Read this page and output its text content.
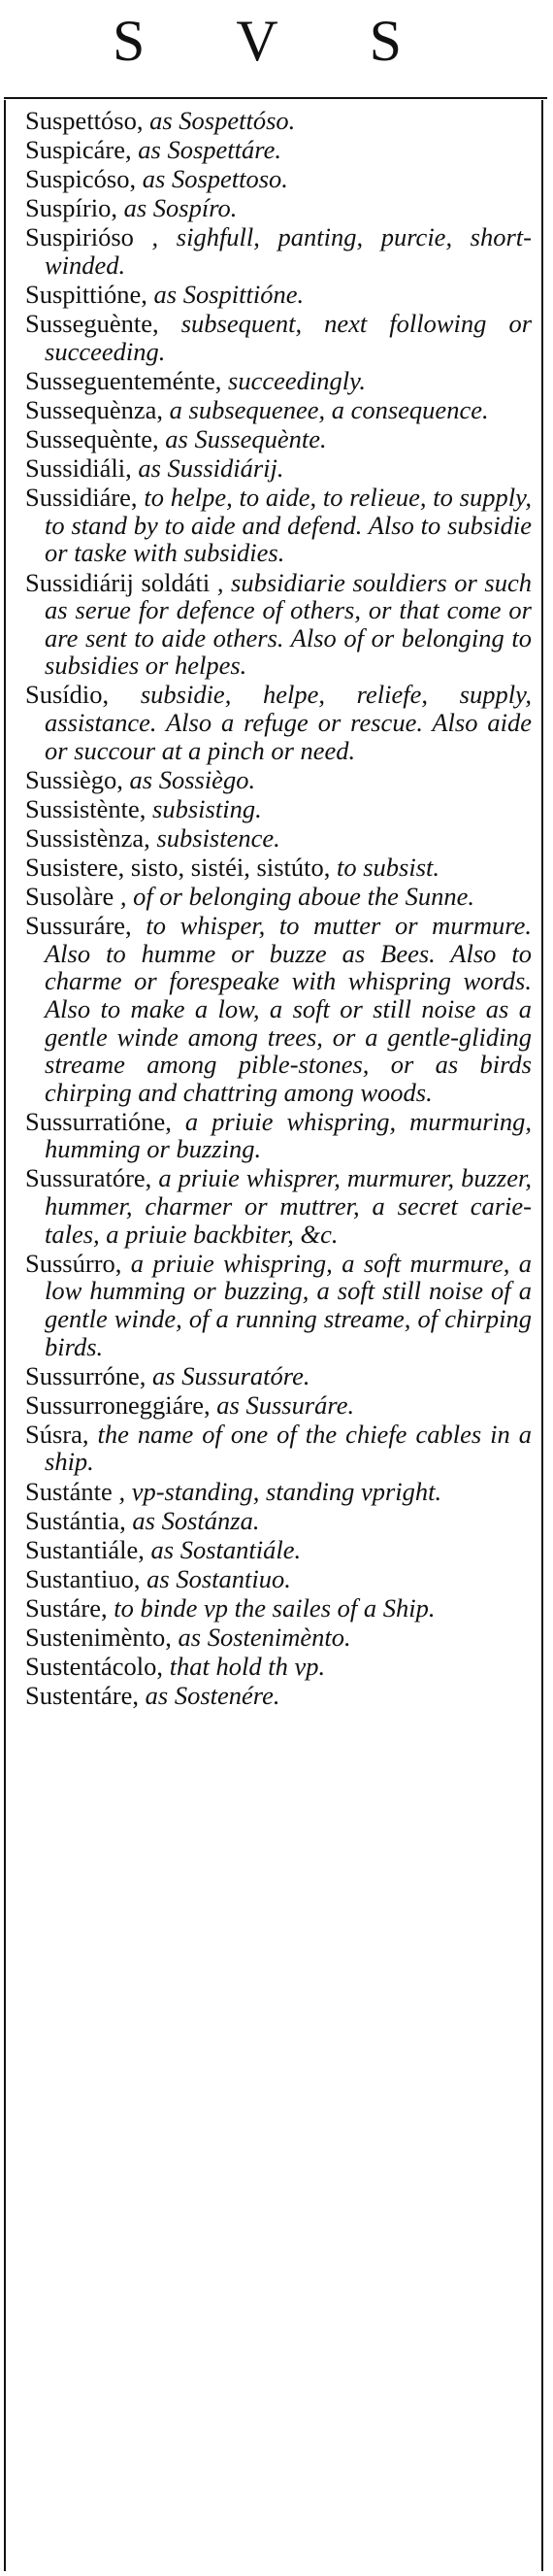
S V S
Suspettóso, as Sospettóso.
Suspicáre, as Sospettáre.
Suspicóso, as Sospettoso.
Suspírio, as Sospíro.
Suspirióso , sighfull, panting, purcie, short-winded.
Suspittióne, as Sospittióne.
Susseguènte, subsequent, next following or succeeding.
Susseguenteménte, succeedingly.
Sussequènza, a subsequenee, a consequence.
Sussequènte, as Sussequènte.
Sussidiáli, as Sussidiárij.
Sussidiáre, to helpe, to aide, to relieue, to supply, to stand by to aide and defend. Also to subsidie or taske with subsidies.
Sussidiárij soldáti , subsidiarie souldiers or such as serue for defence of others, or that come or are sent to aide others. Also of or belonging to subsidies or helpes.
Susídio, subsidie, helpe, reliefe, supply, assistance. Also a refuge or rescue. Also aide or succour at a pinch or need.
Sussiègo, as Sossiègo.
Sussistènte, subsisting.
Sussistènza, subsistence.
Susistere, sisto, sistéi, sistúto, to subsist.
Susolàre , of or belonging aboue the Sunne.
Sussuráre, to whisper, to mutter or murmure. Also to humme or buzze as Bees. Also to charme or forespeake with whispring words. Also to make a low, a soft or still noise as a gentle winde among trees, or a gentle-gliding streame among pible-stones, or as birds chirping and chattring among woods.
Sussurratióne, a priuie whispring, murmuring, humming or buzzing.
Sussuratóre, a priuie whisprer, murmurer, buzzer, hummer, charmer or muttrer, a secret carie-tales, a priuie backbiter, &c.
Sussúrro, a priuie whispring, a soft murmure, a low humming or buzzing, a soft still noise of a gentle winde, of a running streame, of chirping birds.
Sussurróne, as Sussuratóre.
Sussurroneggiáre, as Sussuráre.
Súsra, the name of one of the chiefe cables in a ship.
Sustánte , vp-standing, standing vpright.
Sustántia, as Sostánza.
Sustantiále, as Sostantiále.
Sustantiuo, as Sostantiuo.
Sustáre, to binde vp the sailes of a Ship.
Sustenimènto, as Sostenimènto.
Sustentácolo, that hold th vp.
Sustentáre, as Sostenére.
